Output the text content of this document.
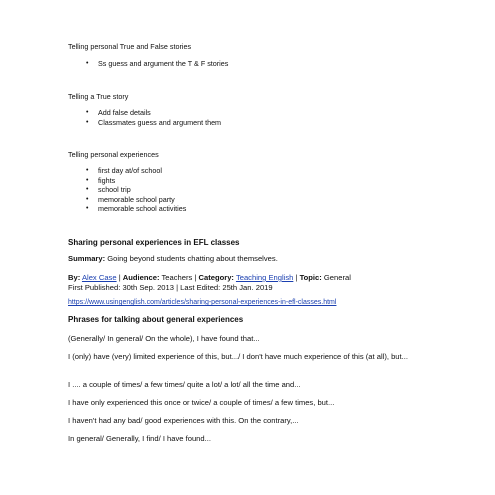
Telling personal True and False stories
• Ss guess and argument the T & F stories
Telling a True story
• Add false details
• Classmates guess and argument them
Telling personal experiences
• first day at/of school
• fights
• school trip
• memorable school party
• memorable school activities
Sharing personal experiences in EFL classes
Summary: Going beyond students chatting about themselves.
By: Alex Case | Audience: Teachers | Category: Teaching English | Topic: General
First Published: 30th Sep. 2013 | Last Edited: 25th Jan. 2019
https://www.usingenglish.com/articles/sharing-personal-experiences-in-efl-classes.html
Phrases for talking about general experiences
(Generally/ In general/ On the whole), I have found that...
I (only) have (very) limited experience of this, but.../ I don't have much experience of this (at all), but...
I .... a couple of times/ a few times/ quite a lot/ a lot/ all the time and...
I have only experienced this once or twice/ a couple of times/ a few times, but...
I haven't had any bad/ good experiences with this. On the contrary,...
In general/ Generally, I find/ I have found...
